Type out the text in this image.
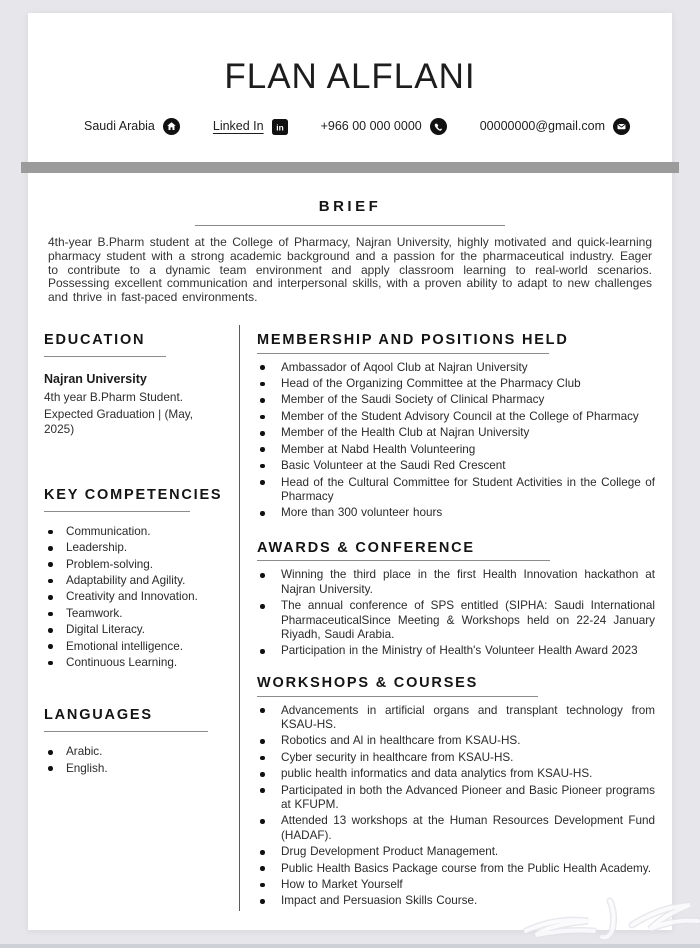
FLAN ALFLANI
Saudi Arabia	Linked In in	+966 00 000 0000	00000000@gmail.com
BRIEF

4th-year B.Pharm student at the College of Pharmacy, Najran University, highly motivated and quick-learning pharmacy student with a strong academic background and a passion for the pharmaceutical industry. Eager to contribute to a dynamic team environment and apply classroom learning to real-world scenarios. Possessing excellent communication and interpersonal skills, with a proven ability to adapt to new challenges and thrive in fast-paced environments.

EDUCATION
Najran University
4th year B.Pharm Student.
Expected Graduation | (May, 2025)
KEY COMPETENCIES
Communication.
Leadership.
Problem-solving.
Adaptability and Agility.
Creativity and Innovation.
Teamwork.
Digital Literacy.
Emotional intelligence.
Continuous Learning.
LANGUAGES
Arabic.
English.
MEMBERSHIP AND POSITIONS HELD
Ambassador of Aqool Club at Najran University
Head of the Organizing Committee at the Pharmacy Club
Member of the Saudi Society of Clinical Pharmacy
Member of the Student Advisory Council at the College of Pharmacy
Member of the Health Club at Najran University
Member at Nabd Health Volunteering
Basic Volunteer at the Saudi Red Crescent
Head of the Cultural Committee for Student Activities in the College of Pharmacy
More than 300 volunteer hours
AWARDS & CONFERENCE
Winning the third place in the first Health Innovation hackathon at Najran University.
The annual conference of SPS entitled (SIPHA: Saudi International PharmaceuticalSince Meeting & Workshops held on 22-24 January Riyadh, Saudi Arabia.
Participation in the Ministry of Health's Volunteer Health Award 2023
WORKSHOPS & COURSES
Advancements in artificial organs and transplant technology from KSAU-HS.
Robotics and Al in healthcare from KSAU-HS.
Cyber security in healthcare from KSAU-HS.
public health informatics and data analytics from KSAU-HS.
Participated in both the Advanced Pioneer and Basic Pioneer programs at KFUPM.
Attended 13 workshops at the Human Resources Development Fund (HADAF).
Drug Development Product Management.
Public Health Basics Package course from the Public Health Academy.
How to Market Yourself
Impact and Persuasion Skills Course.
